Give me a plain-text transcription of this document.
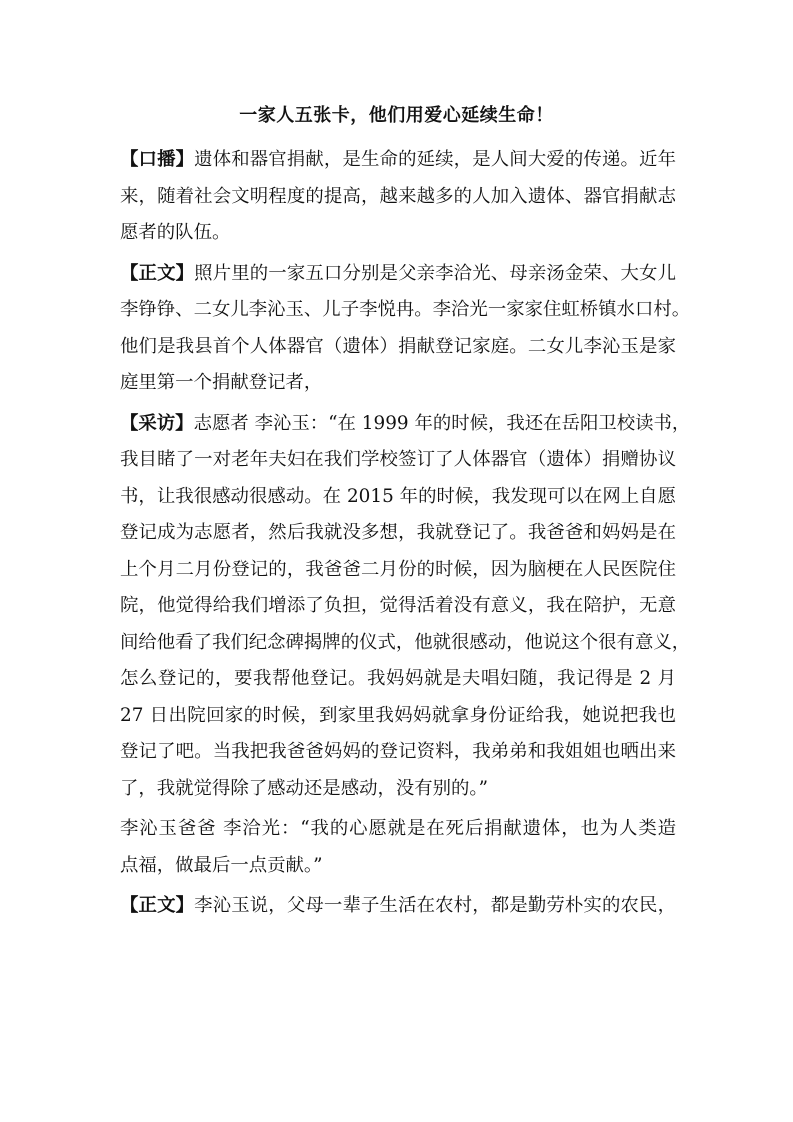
一家人五张卡，他们用爱心延续生命！
【口播】遗体和器官捐献，是生命的延续，是人间大爱的传递。近年
来，随着社会文明程度的提高，越来越多的人加入遗体、器官捐献志
愿者的队伍。
【正文】照片里的一家五口分别是父亲李洽光、母亲汤金荣、大女儿
李铮铮、二女儿李沁玉、儿子李悦冉。李洽光一家家住虹桥镇水口村。
他们是我县首个人体器官（遗体）捐献登记家庭。二女儿李沁玉是家
庭里第一个捐献登记者，
【采访】志愿者 李沁玉：“在 1999 年的时候，我还在岳阳卫校读书，
我目睹了一对老年夫妇在我们学校签订了人体器官（遗体）捐赠协议
书，让我很感动很感动。在 2015 年的时候，我发现可以在网上自愿
登记成为志愿者，然后我就没多想，我就登记了。我爸爸和妈妈是在
上个月二月份登记的，我爸爸二月份的时候，因为脑梗在人民医院住
院，他觉得给我们增添了负担，觉得活着没有意义，我在陪护，无意
间给他看了我们纪念碑揭牌的仪式，他就很感动，他说这个很有意义，
怎么登记的，要我帮他登记。我妈妈就是夫唱妇随，我记得是 2 月
27 日出院回家的时候，到家里我妈妈就拿身份证给我，她说把我也
登记了吧。当我把我爸爸妈妈的登记资料，我弟弟和我姐姐也晒出来
了，我就觉得除了感动还是感动，没有别的。”
李沁玉爸爸 李洽光：“我的心愿就是在死后捐献遗体，也为人类造
点福，做最后一点贡献。”
【正文】李沁玉说，父母一辈子生活在农村，都是勤劳朴实的农民，
